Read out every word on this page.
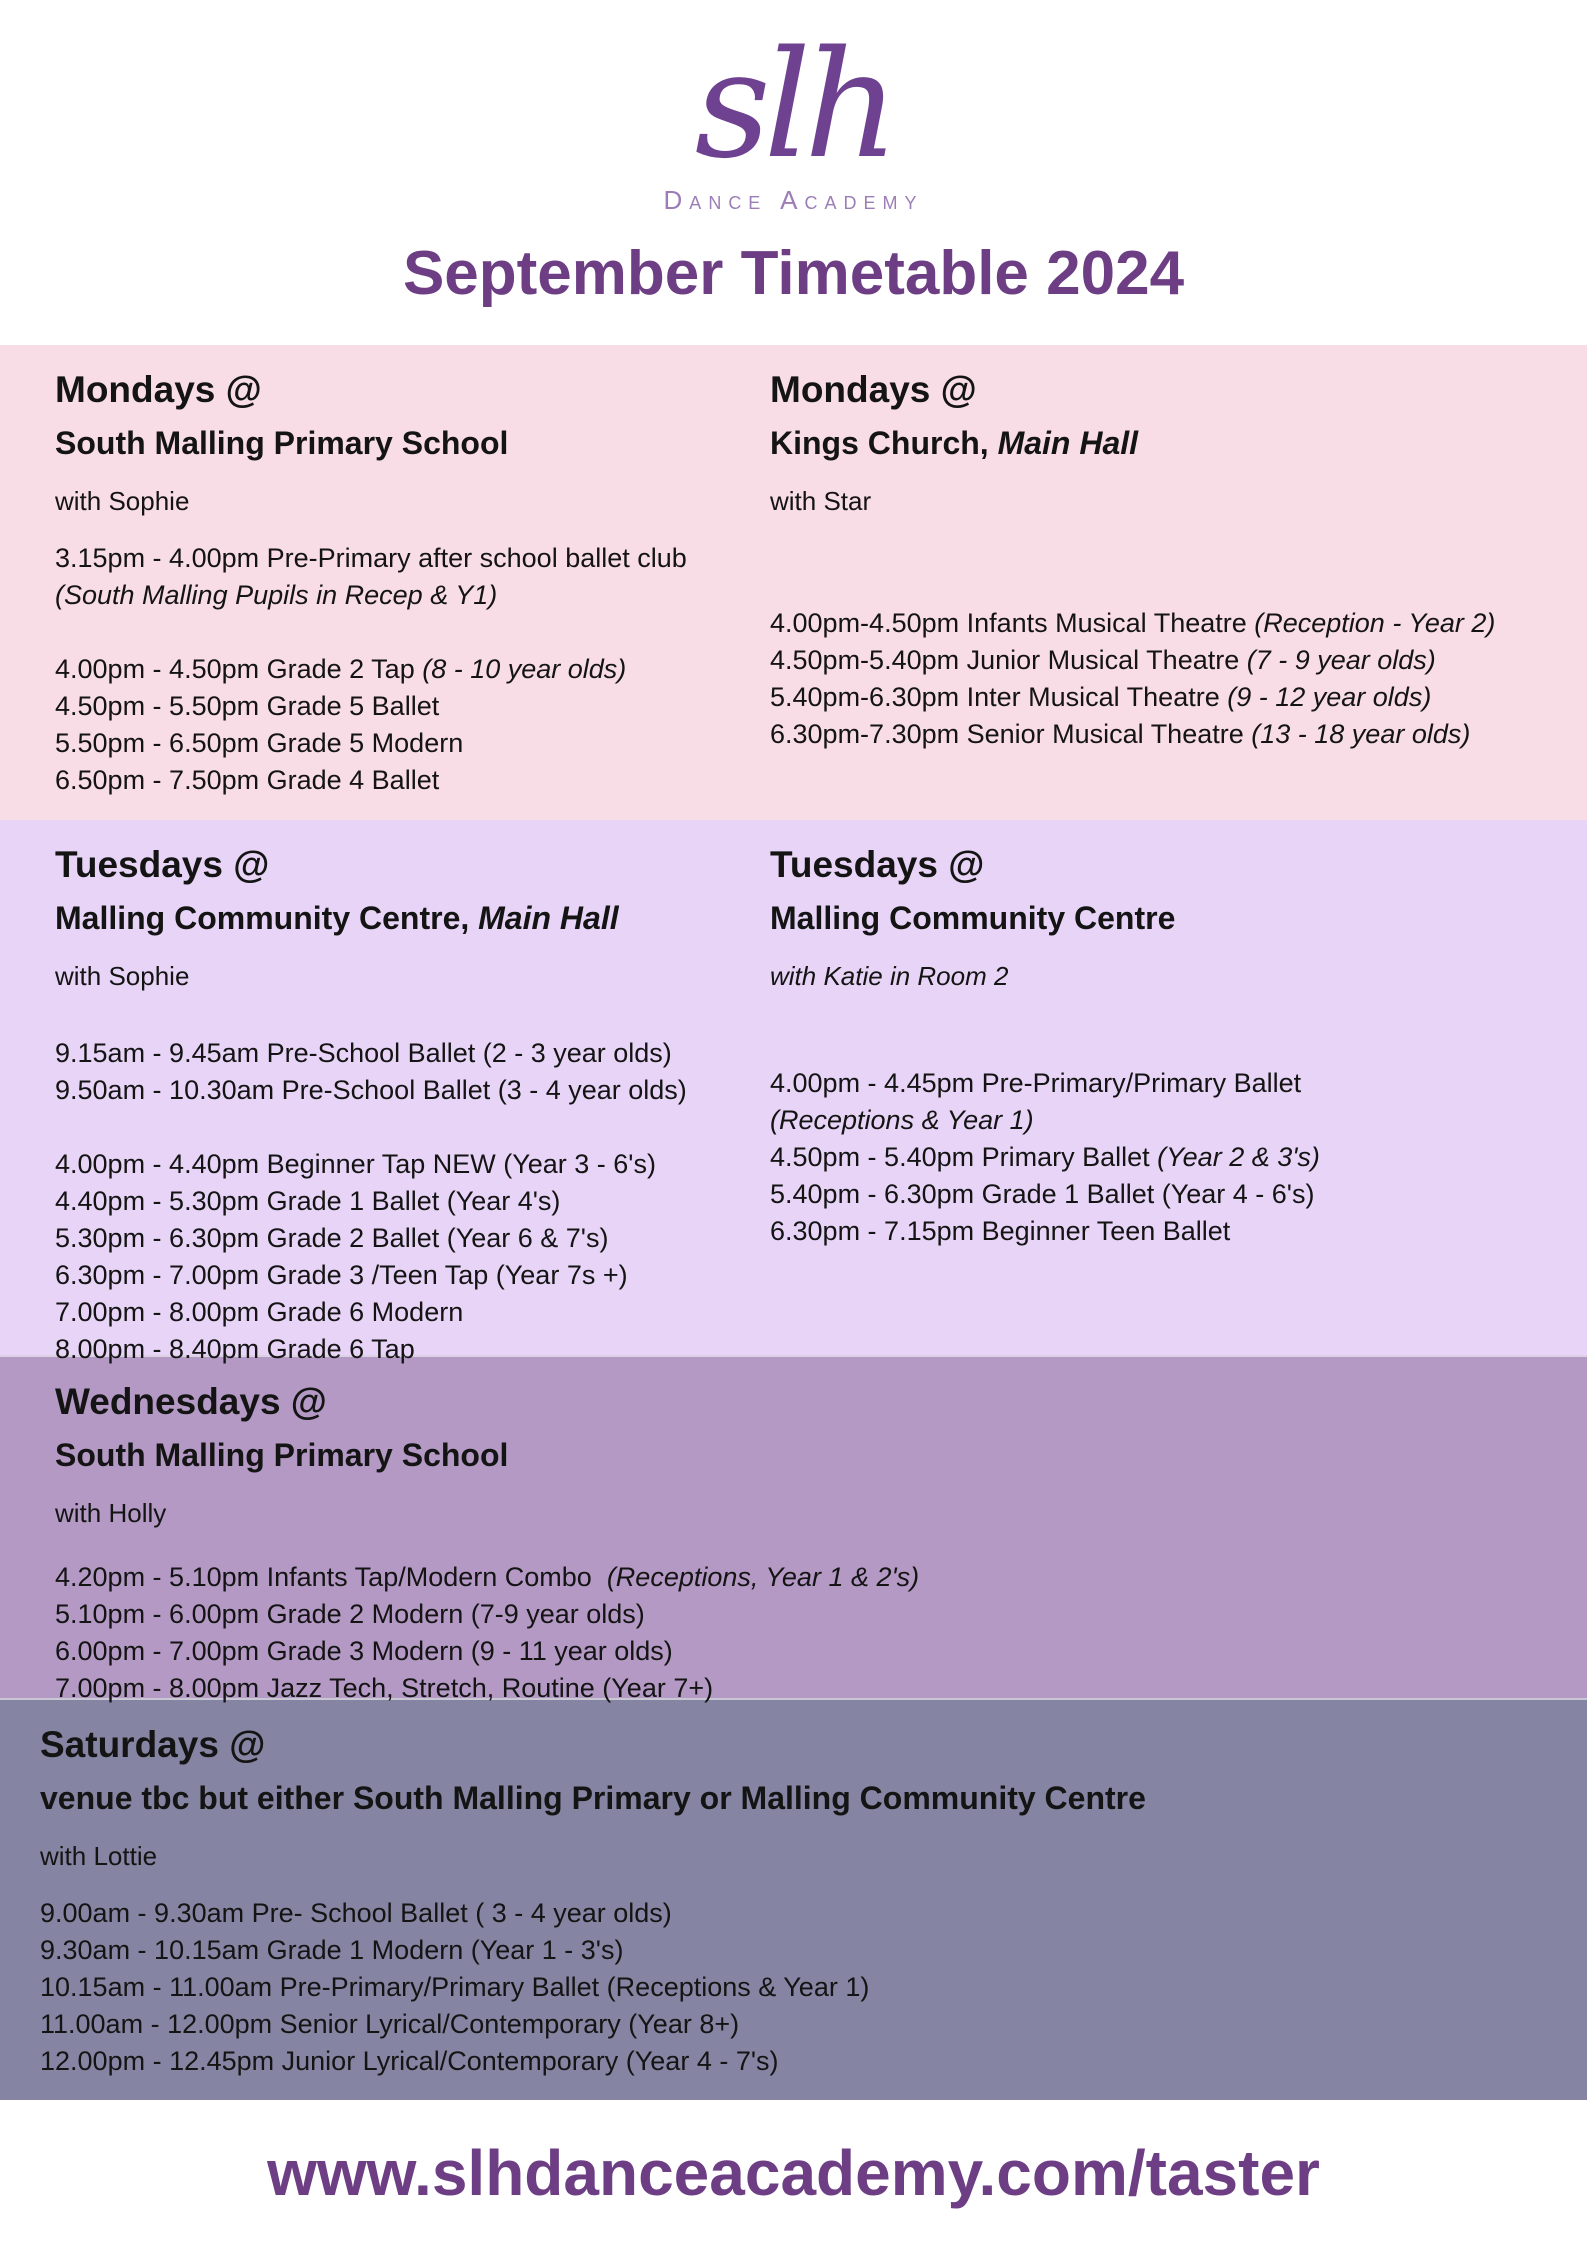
slh
Dance Academy
September Timetable 2024
Mondays @
South Malling Primary School

with Sophie

3.15pm - 4.00pm Pre-Primary after school ballet club
(South Malling Pupils in Recep & Y1)

4.00pm - 4.50pm Grade 2 Tap (8 - 10 year olds)
4.50pm - 5.50pm Grade 5 Ballet
5.50pm - 6.50pm Grade 5 Modern
6.50pm - 7.50pm Grade 4 Ballet
Mondays @
Kings Church, Main Hall

with Star

4.00pm-4.50pm Infants Musical Theatre (Reception - Year 2)
4.50pm-5.40pm Junior Musical Theatre (7 - 9 year olds)
5.40pm-6.30pm Inter Musical Theatre (9 - 12 year olds)
6.30pm-7.30pm Senior Musical Theatre (13 - 18 year olds)
Tuesdays @
Malling Community Centre, Main Hall

with Sophie

9.15am - 9.45am Pre-School Ballet (2 - 3 year olds)
9.50am - 10.30am Pre-School Ballet (3 - 4 year olds)

4.00pm - 4.40pm Beginner Tap NEW (Year 3 - 6's)
4.40pm - 5.30pm Grade 1 Ballet (Year 4's)
5.30pm - 6.30pm Grade 2 Ballet (Year 6 & 7's)
6.30pm - 7.00pm Grade 3 /Teen Tap (Year 7s +)
7.00pm - 8.00pm Grade 6 Modern
8.00pm - 8.40pm Grade 6 Tap
Tuesdays @
Malling Community Centre

with Katie in Room 2

4.00pm - 4.45pm Pre-Primary/Primary Ballet
(Receptions & Year 1)
4.50pm - 5.40pm Primary Ballet (Year 2 & 3's)
5.40pm - 6.30pm Grade 1 Ballet (Year 4 - 6's)
6.30pm - 7.15pm Beginner Teen Ballet
Wednesdays @
South Malling Primary School

with Holly

4.20pm - 5.10pm Infants Tap/Modern Combo  (Receptions, Year 1 & 2's)
5.10pm - 6.00pm Grade 2 Modern (7-9 year olds)
6.00pm - 7.00pm Grade 3 Modern (9 - 11 year olds)
7.00pm - 8.00pm Jazz Tech, Stretch, Routine (Year 7+)
Saturdays @
venue tbc but either South Malling Primary or Malling Community Centre

with Lottie

9.00am - 9.30am Pre- School Ballet ( 3 - 4 year olds)
9.30am - 10.15am Grade 1 Modern (Year 1 - 3's)
10.15am - 11.00am Pre-Primary/Primary Ballet (Receptions & Year 1)
11.00am - 12.00pm Senior Lyrical/Contemporary (Year 8+)
12.00pm - 12.45pm Junior Lyrical/Contemporary (Year 4 - 7's)
www.slhdanceacademy.com/taster
